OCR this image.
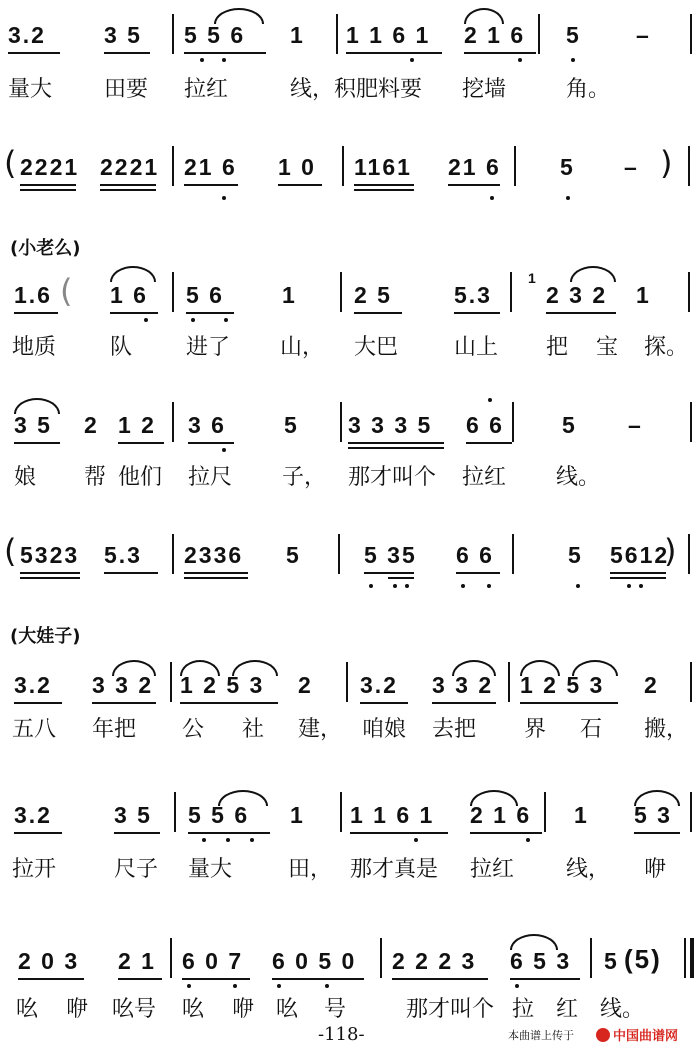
3.2	3 5 5 5 6 1 1 1 6 1 2 1 6 5 –
量大 田要 拉红	线，积肥料要 挖墙	角。
( 2221 2221 21 6 1 0 1161 21 6	5 – )
(小老么)
1.6 ( 1 6 5 6	1 2 5	5.3
1
2 3 2 1
地质 队 进了 山， 大巴	山上 把 宝 探。
3 5 2 1 2 3 6	5 3 3 3 5 6 6	5 –
娘 帮 他们 拉尺 子， 那才叫个 拉红 线。
( 5323 5.3 2336 5	5 35 6 6	5 5612
)
(大娃子)
3.2 3 3 2 1 2 5 3 2 3.2 3 3 2 1 2 5 3 2
五八 年把 公 社 建， 咱娘 去把 界 石 搬，
3.2	3 5 5 5 6 1 1 1 6 1 2 1 6 1 5 3
拉开	尺子 量大	田， 那才真是 拉红 线， 咿
2 0 3 2 1 6 0 7 6 0 5 0 2 2 2 3 6 5 3 5 (5)
吆 咿 吆号 吆 咿 吆 号	那才叫个 拉 红 线。
-118-	本曲谱上传于	中国曲谱网
